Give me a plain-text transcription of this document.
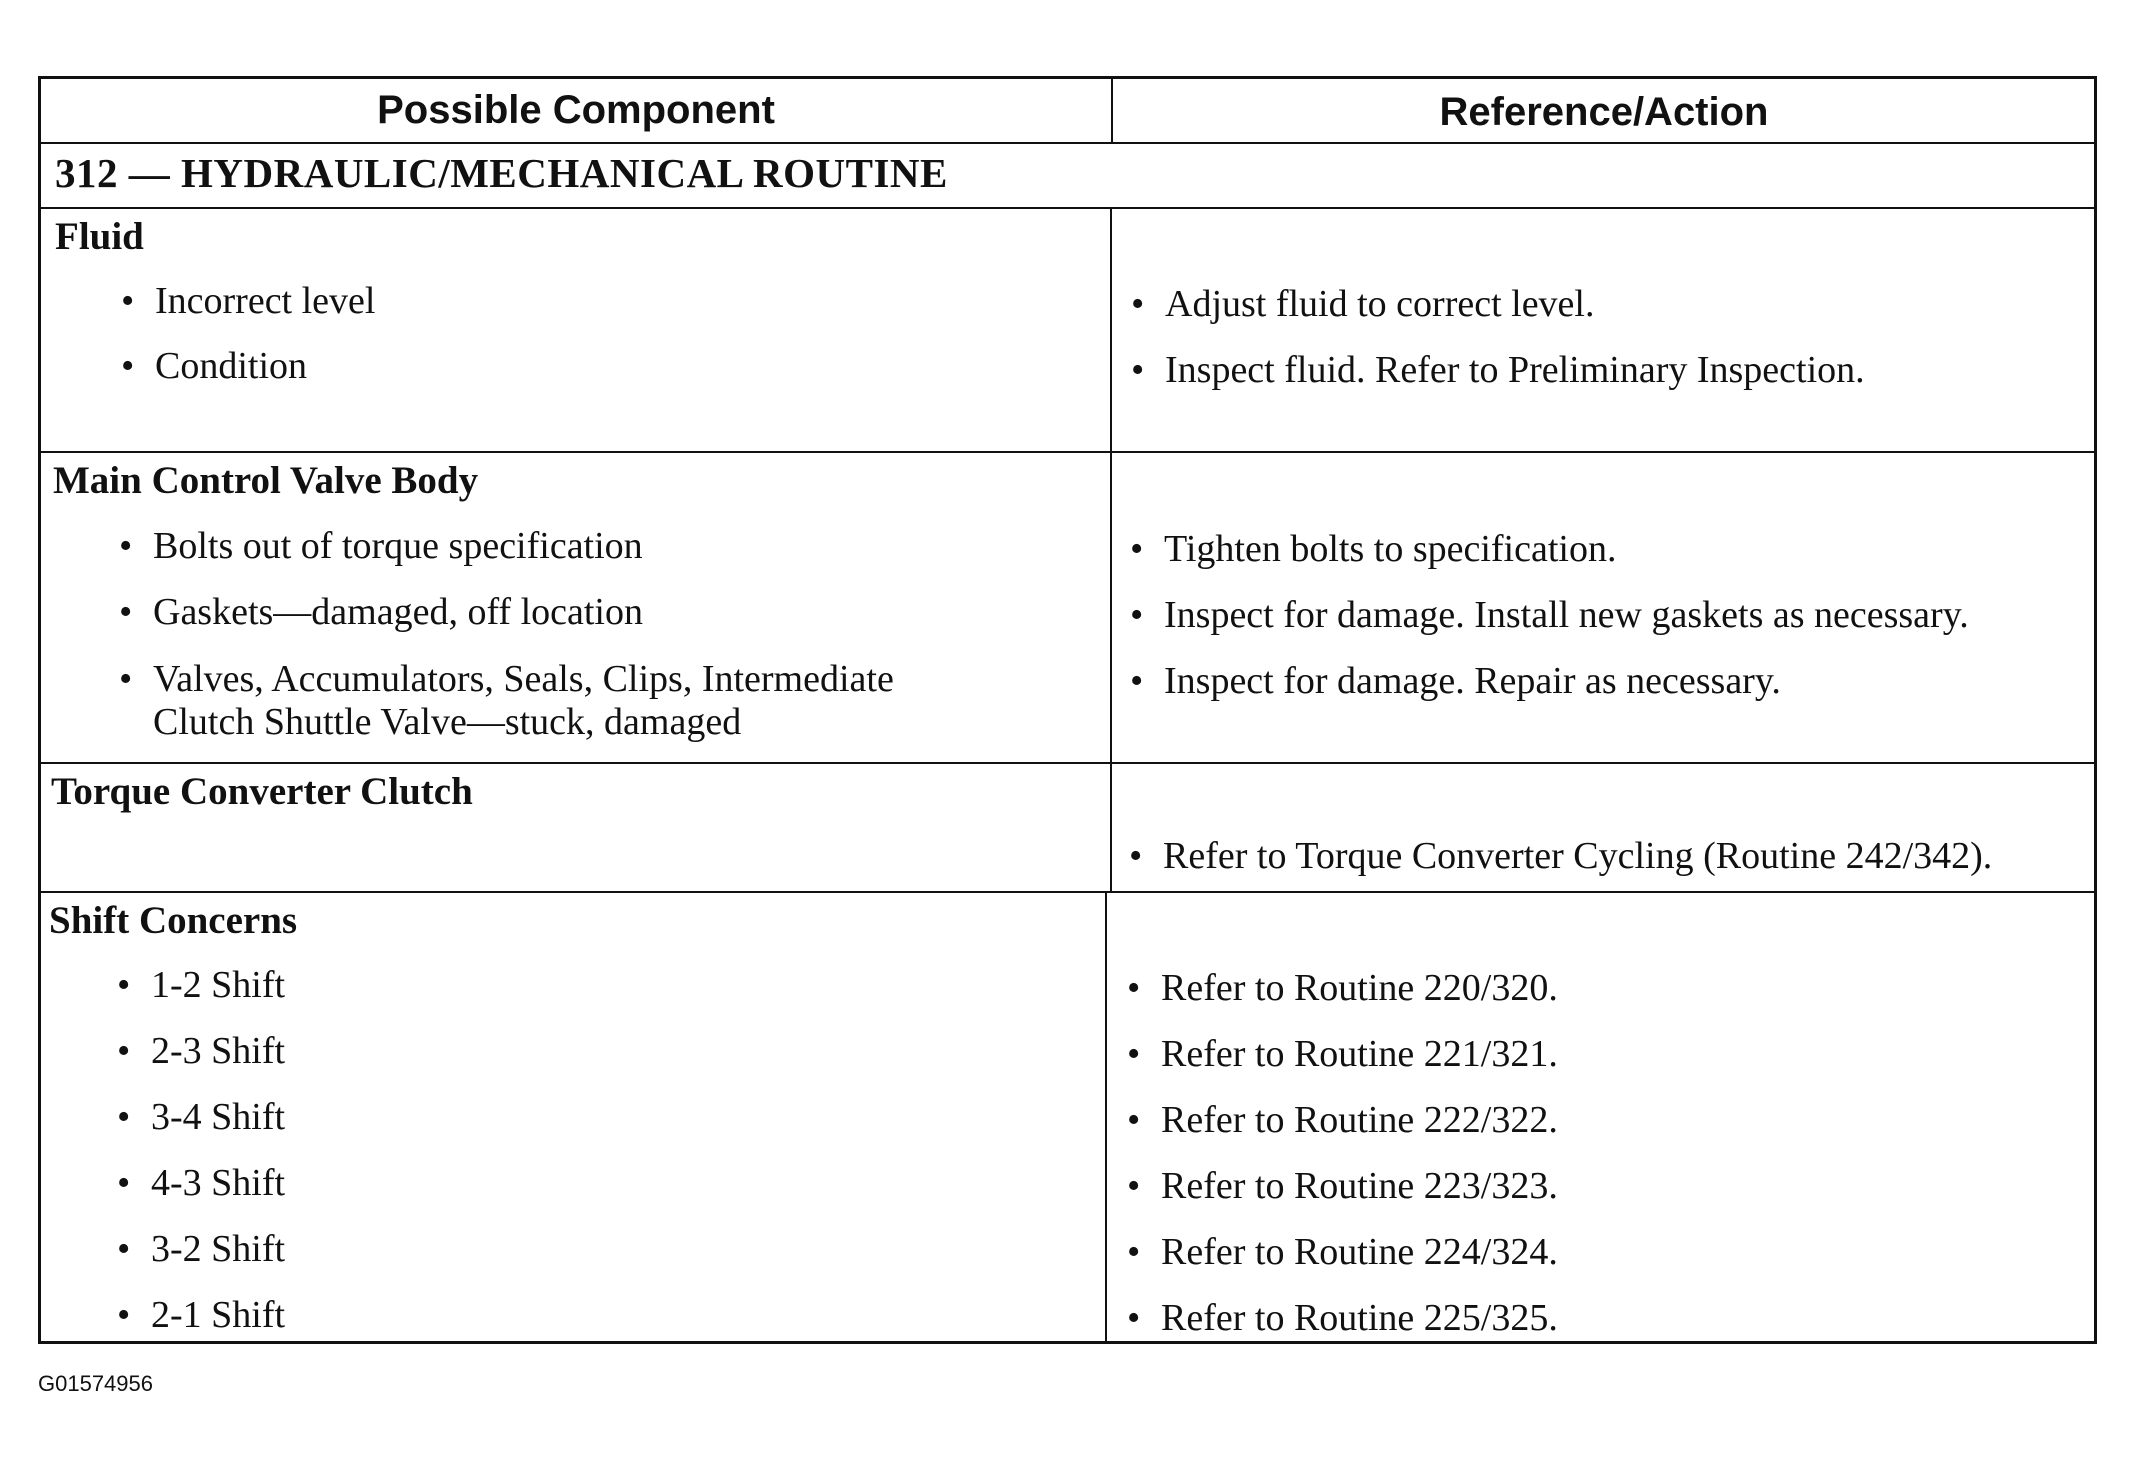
Possible Component	Reference/Action
312 — HYDRAULIC/MECHANICAL ROUTINE
Fluid
• Incorrect level
• Condition
• Adjust fluid to correct level.
• Inspect fluid. Refer to Preliminary Inspection.
Main Control Valve Body
• Bolts out of torque specification
• Gaskets—damaged, off location
• Valves, Accumulators, Seals, Clips, Intermediate
Clutch Shuttle Valve—stuck, damaged
• Tighten bolts to specification.
• Inspect for damage. Install new gaskets as necessary.
• Inspect for damage. Repair as necessary.
Torque Converter Clutch
• Refer to Torque Converter Cycling (Routine 242/342).
Shift Concerns
• 1-2 Shift
• 2-3 Shift
• 3-4 Shift
• 4-3 Shift
• 3-2 Shift
• 2-1 Shift
• Refer to Routine 220/320.
• Refer to Routine 221/321.
• Refer to Routine 222/322.
• Refer to Routine 223/323.
• Refer to Routine 224/324.
• Refer to Routine 225/325.
G01574956
